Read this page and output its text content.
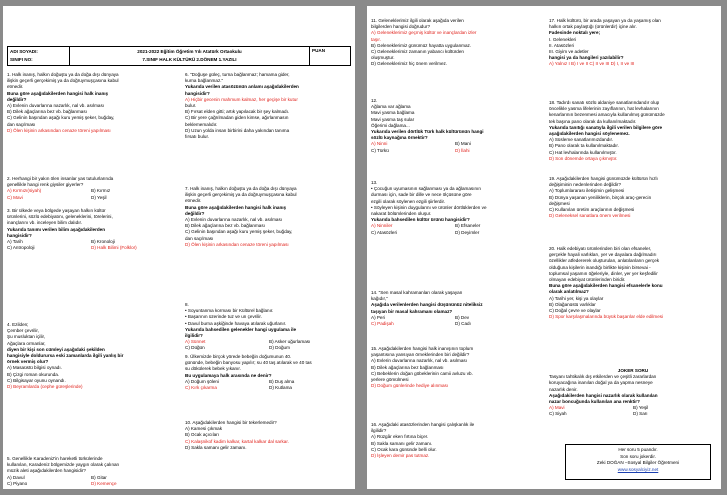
ADI SOYADI:
SINIFI NO:
2021-2022 Eğitim Öğretim Yılı Atatürk Ortaokulu
7.SINIF HALK KÜLTÜRÜ 2.DÖNEM 1.YAZILI
PUAN
1. Halk inanış, halkın doğuştu ya da doğa dışı dünyaya
ilişkin geçerli gerçekimiş ya da doğruymuşçasına kabul
etmedir.
Buna göre aşağıdakilerden hangisi halk inanış
değildir?
A) Evlenin duvarlarına nazarlık, nal vb. asılması
B) Dilek ağaçlarına bez vb. bağlanması
C) Gelinin başından aşağı kuru yemiş şeker, buğday,
dan saçılması
D) Ölen kişinin arkasından cenaze töreni yapılması
2. Herhangi bir yakın ölen insanlar yas tutulurlarında
genellikle hangi renk giysiler giyerler?
A) Kırmızı(siyah)	B) Kırmız
C) Mavi	D) Yeşil
3. Bir ülkede veya bölgede yaşayan halkın kültür
ürünlerini, sözlü edebiyatını, geleneklerini, törelerini,
inançlarını vb. inceleyen bilim dalıdır.
Yukarıda tanımı verilen bilim aşağıdakilerden
hangisidir?
A) Tarih	B) Kronoloji
C) Antropoloji	D) Halk Bilimi (Folklor)
4. Ezilden;
Çember çevrilir,
Şu musluktan içilir,
Ağaçlara ormanlar,
diyen bir kişi son cümleyi aşağıdaki şekilden
hangisiyle doldurursa eski zamanlarda ilgili yanlış bir
örnek vermiş olur?
A) Masaüstü bilgisi oynadı.
B) Çizgi roman okurunda.
C) Bilgisayar oyunu oynandı.
D) Beyramlarda (cephe güreşlerinde)
5. Genellikle Karadeniz'in hareketli türkülerinde
kullanılan, Karadeniz bölgemizde yaygın olarak çalınan
müzik aleti aşağıdakilerden hangisidir?
A) Davul	B) Gitar
C) Piyano	D) Kemençe
6. "Doğuşe güleç, turna bağlanmaz; hamama gider,
kurna bağlanmaz."
Yukarıda verilen atasözünün anlamı aşağıdakilerden
hangisidir?
A) Hiçbir gecenin mahmum kalmaz, her geçişe bir kutur
bulur.
B) Fırsat elden gitti; artık yapılacak bir şey kalmadı.
C) Bir yere çağrılmadan giden kimse, ağırlanmasın
beklememalıdır.
D) Uzun yolda insan birbirini daha yakından tanıma
fırsatı bulur.
7. Halk inanış, halkın doğuştu ya da doğa dışı dünyaya
ilişkin geçerli gerçekimiş ya da doğruymuşçasına kabul
etmedir.
Buna göre aşağıdakilerden hangisi halk inanış
değildir?
A) Evlenin duvarlarına nazarlık, nal vb. asılması
B) Dilek ağaçlarına bez vb. bağlanması
C) Gelinin başından aşağı kuru yemiş şeker, buğday,
dan saçılması
D) Ölen kişinin arkasından cenaze töreni yapılması
8.
• Soyuntanma korması bir Kültürel bağlanır.
• Başarının üzerinde tuz ve un çevrilir.
• Davul burna aşkiğinde havaya atılarak uğurlanır.
Yukarıda bahsedilen gelenekler hangi uygulama ile
ilgilidir?
A) Sünnet	B) Asker uğurlaması
C) Düğün	D) Doğum
9. Ülkemizde birçok yörede bebeğin doğumunun 40.
gününde, bebeğin banyosu yapılır; su 40 taş atılarak ve 40 tas
su dökülerek bebek yıkanır.
Bu uygulamaya halk arasında ne denir?
A) Doğum şöleni	B) Duş alma
C) Kırk çıkarma	D) Kutlama
10. Aşağıdakilerden hangisi bir tekerlemedir?
A) Kamesi çıkmak
B) Ocak açıcıları
C) Kalaşnikof kadim kalkar, kartal kalkar dal sarkar.
D) Sakla samanı gelir zamanı.
11. Geleneklerimiz ilgili olarak aşağıda verilen
bilgilerden hangisi doğrudur?
A) Geleneklerimiz geçmiş kültür ve inançlardan izler
taşır.
B) Geleneklerimiz günümüz hayatta uygulanmaz.
C) Geleneklerimiz zamanın yabancı kültürden
oluşmuştur.
D) Geleneklerimiz hiç önem verilmez.
12.
Ağlama var ağlama
Mavi yasma bağlama
Mavi yasma taş sular
Öğerimi dağlama...
Yukarıda verilen dörtlük Türk halk kültürünün hangi
sözlü kaynağına örnektir?
A) Ninni	B) Mani
C) Türkü	D) İlahi
13.
• Çocuğun uyumasının sağlanması ya da ağlamasının
durması için, sade bir dille ve nece ölçüsüne göre
ezgili olarak söylenen ezgili şiirlerdir.
• Söyleyen kişinin duygularını ve ürünler dörtlüklerden ve
nakarat bölümlerinden oluşur.
Yukarıda bahsedilen kültür ürünü hangisidir?
A) Ninniler	B) Efsaneler
C) Atasözleri	D) Deyimler
14. "Sen masal kahramanları olarak yaşayan
kağıdır,"
Aşağıda verilenlerden hangisi düşününüz niteliksiz
taşıyan bir masal kahramanı olamaz?
A) Peri	B) Dev
C) Padişah	D) Cadı
15. Aşağıdakilerden hangisi halk inanışının toplum
yaşantısına yansıyan örneklerinden biri değildir?
A) Evlerin duvarlarına nazarlık, nal vb. asılması
B) Dilek ağaçlarına bez bağlanması
C) Bebeklerin doğan göbeklerinin camii avluzu vb.
yerlere gömülmesi
D) Doğum günlerinde hediye alınması
16. Aşağıdaki atasözlerinden hangisi çalışkanlık ile
ilgilidir?
A) Rüzgâr eken fırtına biçer.
B) Sakla samanı gelir zamanı.
C) Ocak kara gününde belli olur.
D) İşleyen demir pas tutmaz.
17. Halk kültürü, bir arada yaşayan ya da yaşamış olan
halkın ortak paylaştığı (ürünlerdir) içine alır.
Fadesinde noktalı yere;
I. Gelenekleri
II. Atasözleri
III. Giyim ve adetler
hangisi ya da hangileri yazılabilir?
A) Yalnız I B) I ve II C) II ve III D) I, II ve III
18. Tadırdı sanatı sözlü aldaniye sanatlarındandır olup
öncelikle yasma lifelerinin zayıflarının, hat levhalarının
kenarlarının bezenmesi amacıyla kullanılmış günümüzde
tek başına pano olarak da kullanılmaktadır.
Yukarıda tanıtığı sanatıyla ilgili verilen bilgilere göre
aşağıdakilerden hangisi söylenemez.
A) Süsleme sanatlarımızdandır.
B) Pano olarak ta kullanılmaktadır.
C) Hat levhalarında kullanılmıştır.
D) Son dönemde ortaya çıkmıştır.
19. Aşağıdakilerden hangisi günümüzde kültürün hızlı
değişiminin nedenlerinden değildir?
A) Toplumlararası iletişimin gelişmesi
B) Dünya yaşanan yeniliklerin, birçok araç-gerecin
değişmesi
C) Kullanılan üretim araçlarının değişmesi
D) Geleneksel sanatlara önem verilmesi
20. Halk edebiyatı ürünlerinden biri olan efsaneler,
gerçekle hayali varlıkları, yer ve dayalara dağılmadırı
özellikler atfedererek oluşturulan, anlatılanların gerçek
olduğuna kişilerin inandığı birlikte kişinin birsevai -
toplumsal yaşamın öğeleriyle, dinler, yer yer keşfedilir
olmayan edebiyat ürünlerinden biridir.
Buna göre aşağıdakilerden hangisi efsanelerle konu
olarak anlatılmaz?
A) Tarihi yer, kişi ya olaylar
B) Olağanüstü varlıklar
C) Doğal çevre ve olaylar
D) Spor karşılaşmalarında büyük başarılar elde edilmesi
JOKER SORU
Tasyanı tahtikalık dış etkilerden ve çeşitli zararlardan
koruyacağına inanılan doğal ya da yapma nesneye
nazarlık denir.
Aşağıdakilerden hangisi nazarlık olarak kullanılan
nazar boncuğunda kullanılan ana renktir?
A) Mavi	B) Yeşil
C) Siyah	D) Sarı
Her soru 5 puandır.
Son soru jokerdir.
Zeki DOĞAN –Sosyal Bilgiler Öğretmeni
www.sosyalciyiz.net
